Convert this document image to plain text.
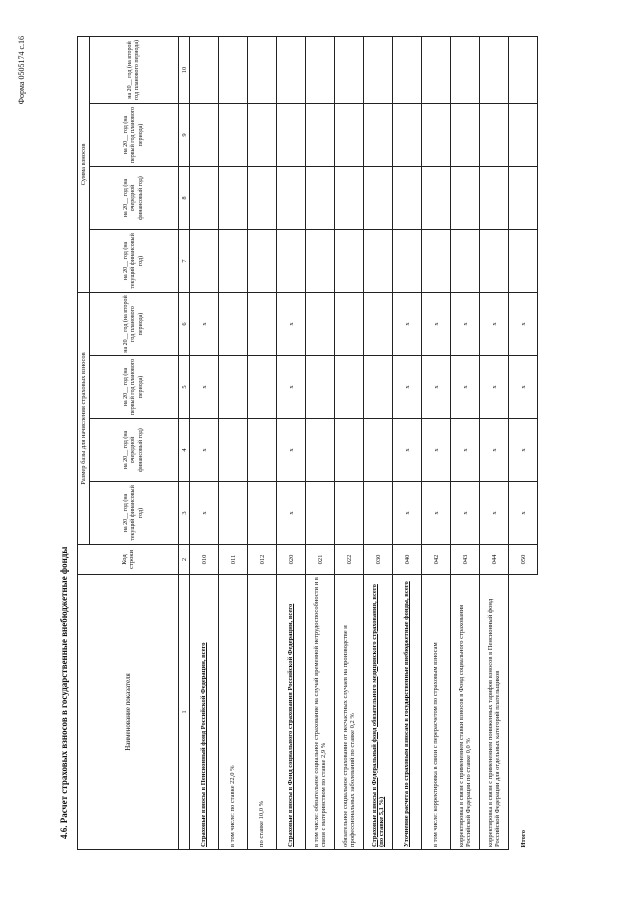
Форма 0505174 с.16
4.6. Расчет страховых взносов в государственные внебюджетные фонды	Наименование показателя	Код строки	Размер базы для начисления страховых взносов				Сумма взносов			
		на 20__ год (на текущий финансовый год)	на 20__ год (на очередной финансовый год)	на 20__ год (на первый год планового периода)	на 20__ год (на второй год планового периода)	на 20__ год (на текущий финансовый год)	на 20__ год (на очередной финансовый год)	на 20__ год (на первый год планового периода)	на 20__ год (на второй год планового периода)
1	2	3	4	5	6	7	8	9	10
Страховые взносы в Пенсионный фонд Российской Федерации, всего	010	x	x	x	x				
в том числе: по ставке 22,0 %	011								
по ставке 10,0 %	012								
Страховые взносы в Фонд социального страхования Российской Федерации, всего	020	x	x	x	x				
в том числе: обязательное социальное страхование на случай временной нетрудоспособности и в связи с материнством по ставке 2,9 %	021								
обязательное социальное страхование от несчастных случаев на производстве и профессиональных заболеваний по ставке 0,2 %	022								
Страховые взносы в Федеральный фонд обязательного медицинского страхования, всего (по ставке 5,1 %)	030								
Уточнение расчета по страховым взносам в государственные внебюджетные фонды, всего	040	x	x	x	x				
в том числе: корректировка в связи с перерасчетом по страховым взносам	042	x	x	x	x				
корректировка в связи с применением ставки взносов в Фонд социального страхования Российской Федерации по ставке 0,0 %	043	x	x	x	x				
корректировка в связи с применением пониженных тарифов взносов в Пенсионный фонд Российской Федерации для отдельных категорий плательщиков	044	x	x	x	x				
Итого	050	x	x	x	x				
